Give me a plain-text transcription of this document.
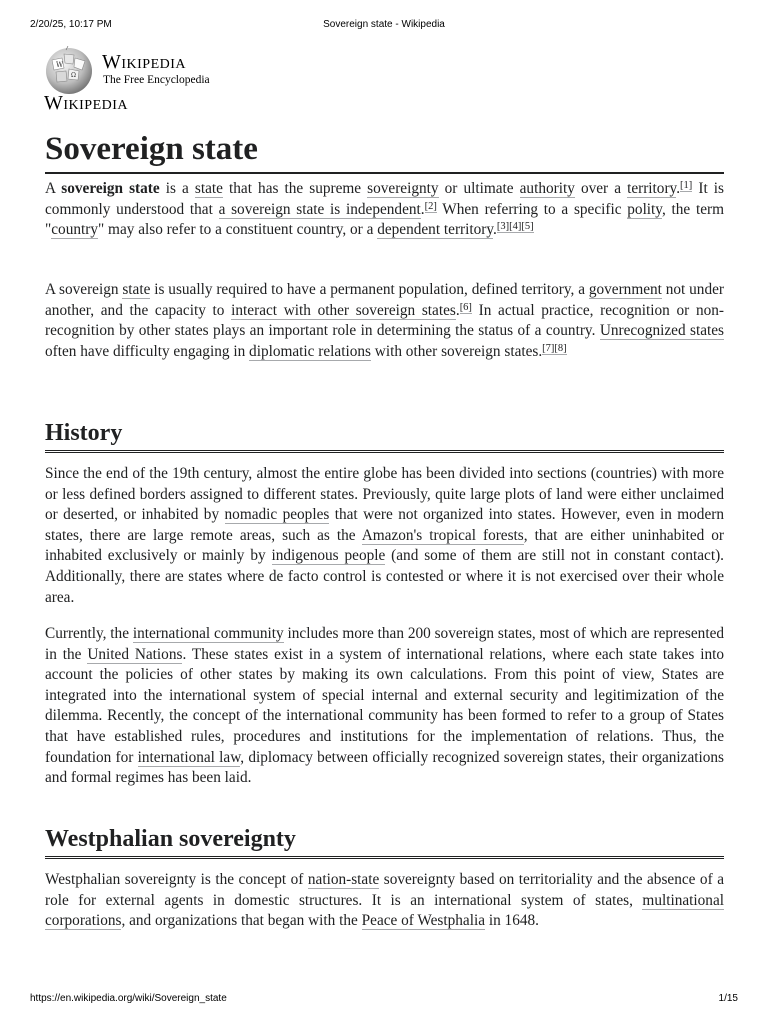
2/20/25, 10:17 PM	Sovereign state - Wikipedia
W
Ω
Wikipedia
The Free Encyclopedia
Wikipedia
Sovereign state

A sovereign state is a state that has the supreme sovereignty or ultimate authority over a territory.[1] It is commonly understood that a sovereign state is independent.[2] When referring to a specific polity, the term "country" may also refer to a constituent country, or a dependent territory.[3][4][5]

A sovereign state is usually required to have a permanent population, defined territory, a government not under another, and the capacity to interact with other sovereign states.[6] In actual practice, recognition or non-recognition by other states plays an important role in determining the status of a country. Unrecognized states often have difficulty engaging in diplomatic relations with other sovereign states.[7][8]

History

Since the end of the 19th century, almost the entire globe has been divided into sections (countries) with more or less defined borders assigned to different states. Previously, quite large plots of land were either unclaimed or deserted, or inhabited by nomadic peoples that were not organized into states. However, even in modern states, there are large remote areas, such as the Amazon's tropical forests, that are either uninhabited or inhabited exclusively or mainly by indigenous people (and some of them are still not in constant contact). Additionally, there are states where de facto control is contested or where it is not exercised over their whole area.

Currently, the international community includes more than 200 sovereign states, most of which are represented in the United Nations. These states exist in a system of international relations, where each state takes into account the policies of other states by making its own calculations. From this point of view, States are integrated into the international system of special internal and external security and legitimization of the dilemma. Recently, the concept of the international community has been formed to refer to a group of States that have established rules, procedures and institutions for the implementation of relations. Thus, the foundation for international law, diplomacy between officially recognized sovereign states, their organizations and formal regimes has been laid.

Westphalian sovereignty

Westphalian sovereignty is the concept of nation-state sovereignty based on territoriality and the absence of a role for external agents in domestic structures. It is an international system of states, multinational corporations, and organizations that began with the Peace of Westphalia in 1648.

https://en.wikipedia.org/wiki/Sovereign_state	1/15
